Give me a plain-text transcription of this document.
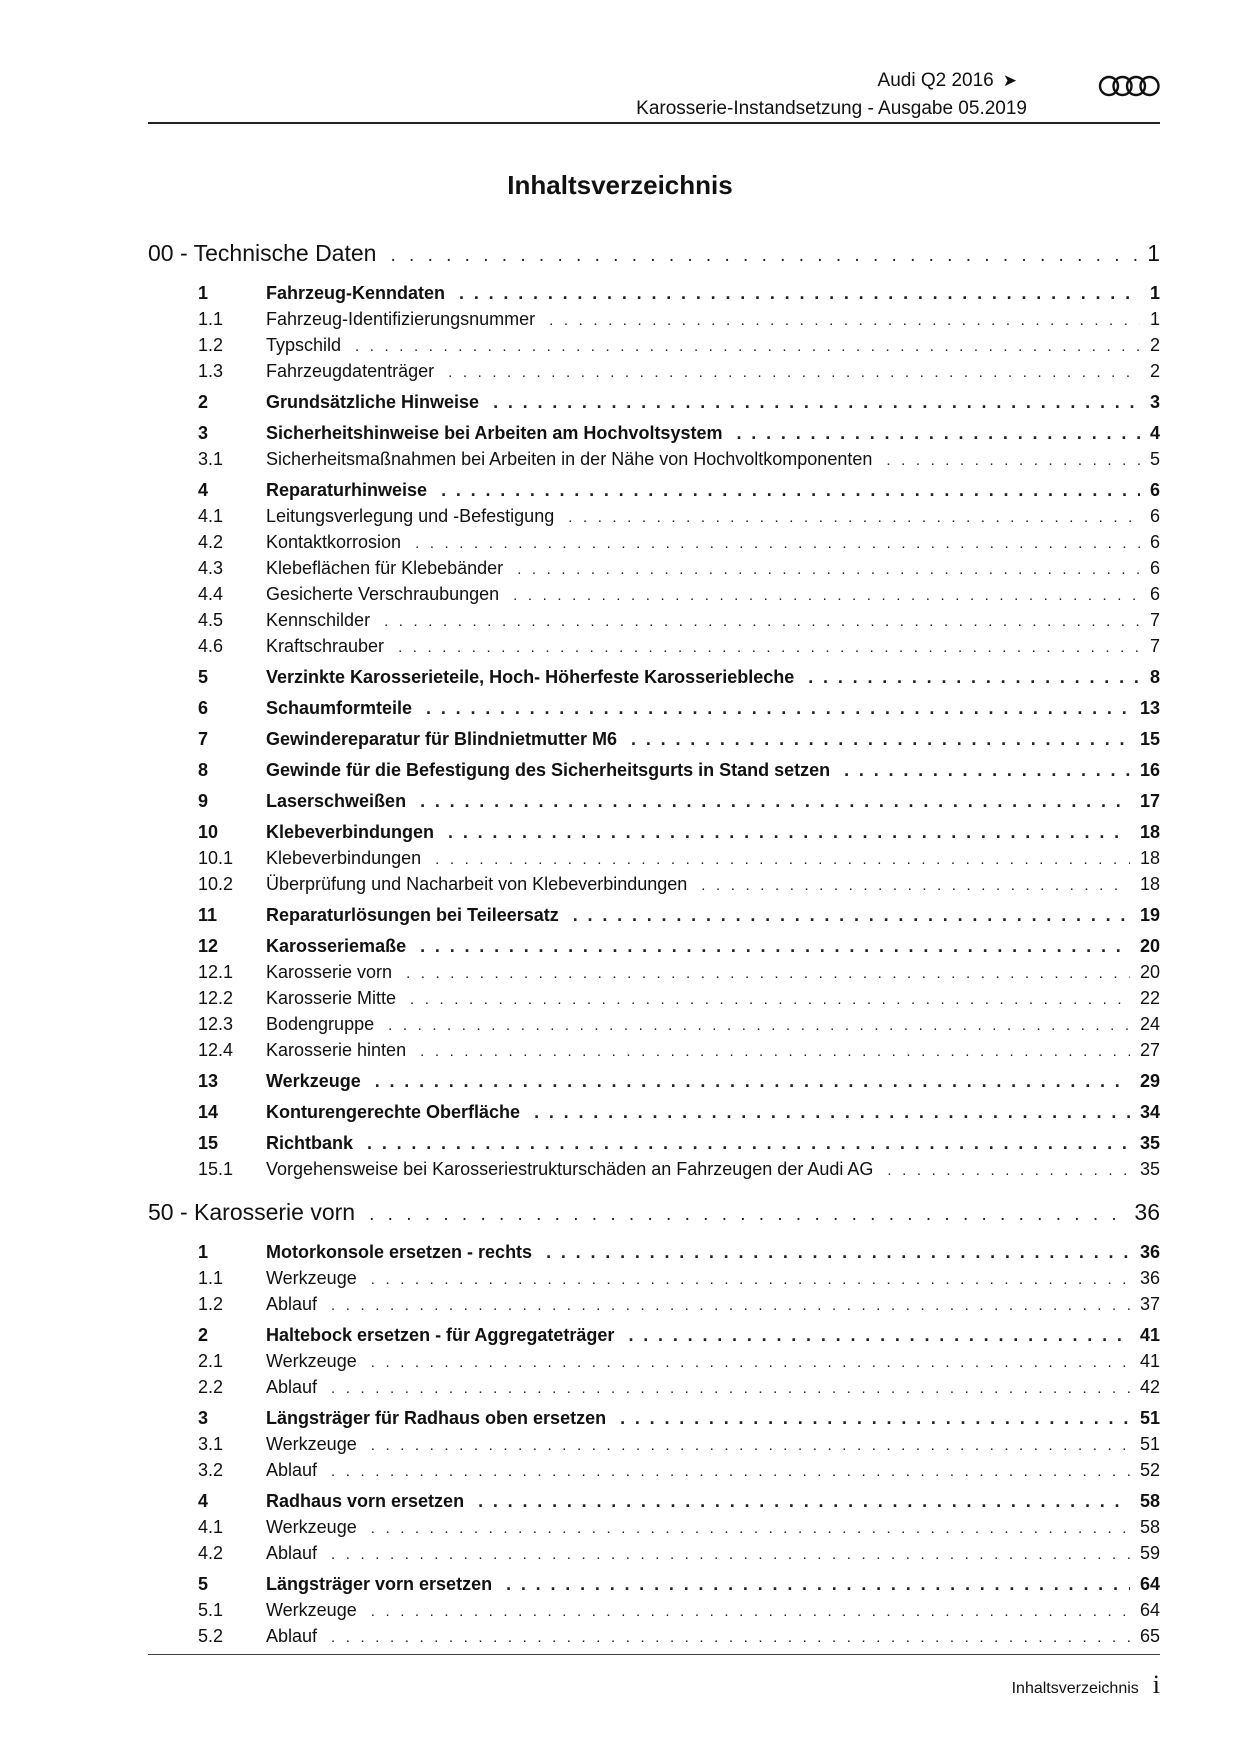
Audi Q2 2016 ➤
Karosserie-Instandsetzung - Ausgabe 05.2019
Inhaltsverzeichnis
00 - Technische Daten . . .	1
1	Fahrzeug-Kenndaten . . .	1
1.1	Fahrzeug-Identifizierungsnummer . . .	1
1.2	Typschild . . .	2
1.3	Fahrzeugdatenträger . . .	2
2	Grundsätzliche Hinweise . . .	3
3	Sicherheitshinweise bei Arbeiten am Hochvoltsystem . . .	4
3.1	Sicherheitsmaßnahmen bei Arbeiten in der Nähe von Hochvoltkomponenten . . .	5
4	Reparaturhinweise . . .	6
4.1	Leitungsverlegung und -Befestigung . . .	6
4.2	Kontaktkorrosion . . .	6
4.3	Klebeflächen für Klebebänder . . .	6
4.4	Gesicherte Verschraubungen . . .	6
4.5	Kennschilder . . .	7
4.6	Kraftschrauber . . .	7
5	Verzinkte Karosserieteile, Hoch- Höherfeste Karosseriebleche . . .	8
6	Schaumformteile . . .	13
7	Gewindereparatur für Blindnietmutter M6 . . .	15
8	Gewinde für die Befestigung des Sicherheitsgurts in Stand setzen . . .	16
9	Laserschweißen . . .	17
10	Klebeverbindungen . . .	18
10.1	Klebeverbindungen . . .	18
10.2	Überprüfung und Nacharbeit von Klebeverbindungen . . .	18
11	Reparaturlösungen bei Teileersatz . . .	19
12	Karosseriemaße . . .	20
12.1	Karosserie vorn . . .	20
12.2	Karosserie Mitte . . .	22
12.3	Bodengruppe . . .	24
12.4	Karosserie hinten . . .	27
13	Werkzeuge . . .	29
14	Konturengerechte Oberfläche . . .	34
15	Richtbank . . .	35
15.1	Vorgehensweise bei Karosseriestrukturschäden an Fahrzeugen der Audi AG . . .	35
50 - Karosserie vorn . . .	36
1	Motorkonsole ersetzen - rechts . . .	36
1.1	Werkzeuge . . .	36
1.2	Ablauf . . .	37
2	Haltebock ersetzen - für Aggregateträger . . .	41
2.1	Werkzeuge . . .	41
2.2	Ablauf . . .	42
3	Längsträger für Radhaus oben ersetzen . . .	51
3.1	Werkzeuge . . .	51
3.2	Ablauf . . .	52
4	Radhaus vorn ersetzen . . .	58
4.1	Werkzeuge . . .	58
4.2	Ablauf . . .	59
5	Längsträger vorn ersetzen . . .	64
5.1	Werkzeuge . . .	64
5.2	Ablauf . . .	65
Inhaltsverzeichnis i
